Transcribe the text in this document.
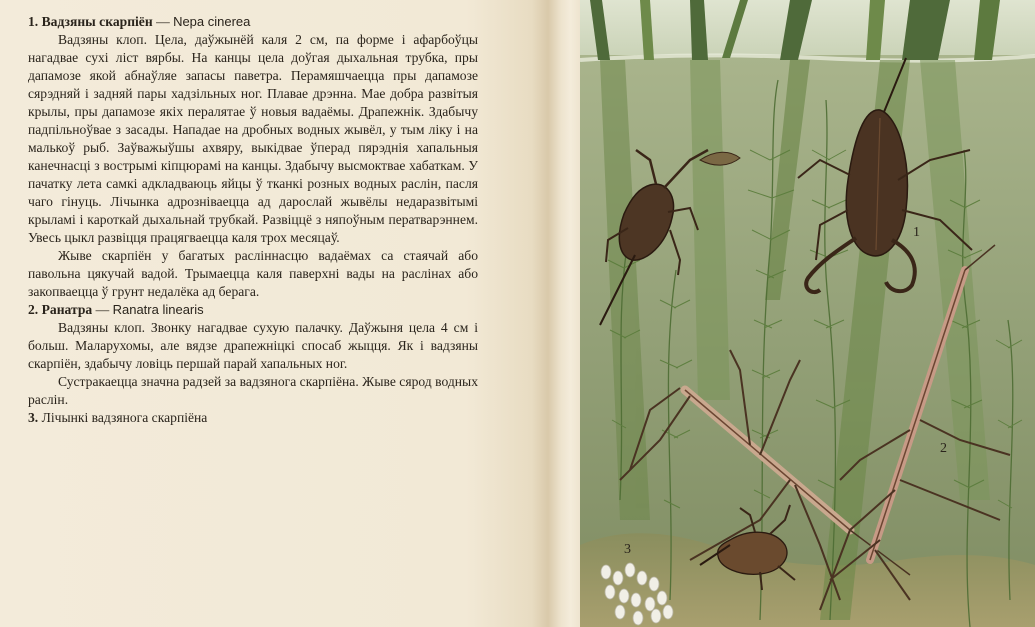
1. Вадзяны скарпіён — Nepa cinerea

Вадзяны клоп. Цела, даўжынёй каля 2 см, па форме і афарбоўцы нагадвае сухі ліст вярбы. На канцы цела доўгая дыхальная трубка, пры дапамозе якой абнаўляе запасы паветра. Перамяшчаецца пры дапамозе сярэдняй і задняй пары хадзільных ног. Плавае дрэнна. Мае добра развітыя крылы, пры дапамозе якіх пералятае ў новыя вадаёмы. Драпежнік. Здабычу падпільноўвае з засады. Нападае на дробных водных жывёл, у тым ліку і на малькоў рыб. Заўважыўшы ахвяру, выкідвае ўперад пярэднія хапальныя канечнасці з вострымі кіпцюрамі на канцы. Здабычу высмоктвае хабаткам. У пачатку лета самкі адкладваюць яйцы ў тканкі розных водных раслін, пасля чаго гінуць. Лічынка адрозніваецца ад дарослай жывёлы недаразвітымі крыламі і кароткай дыхальнай трубкай. Развіццё з няпоўным ператварэннем. Увесь цыкл развіцця працягваецца каля трох месяцаў.

Жыве скарпіён у багатых расліннасцю вадаёмах са стаячай або павольна цякучай вадой. Трымаецца каля паверхні вады на раслінах або закопваецца ў грунт недалёка ад берага.

2. Ранатра — Ranatra linearis

Вадзяны клоп. Звонку нагадвае сухую палачку. Даўжыня цела 4 см і больш. Маларухомы, але вядзе драпежніцкі спосаб жыцця. Як і вадзяны скарпіён, здабычу ловіць першай парай хапальных ног.

Сустракаецца значна радзей за вадзянога скарпіёна. Жыве сярод водных раслін.

3. Лічынкі вадзянога скарпіёна

1
2
3
